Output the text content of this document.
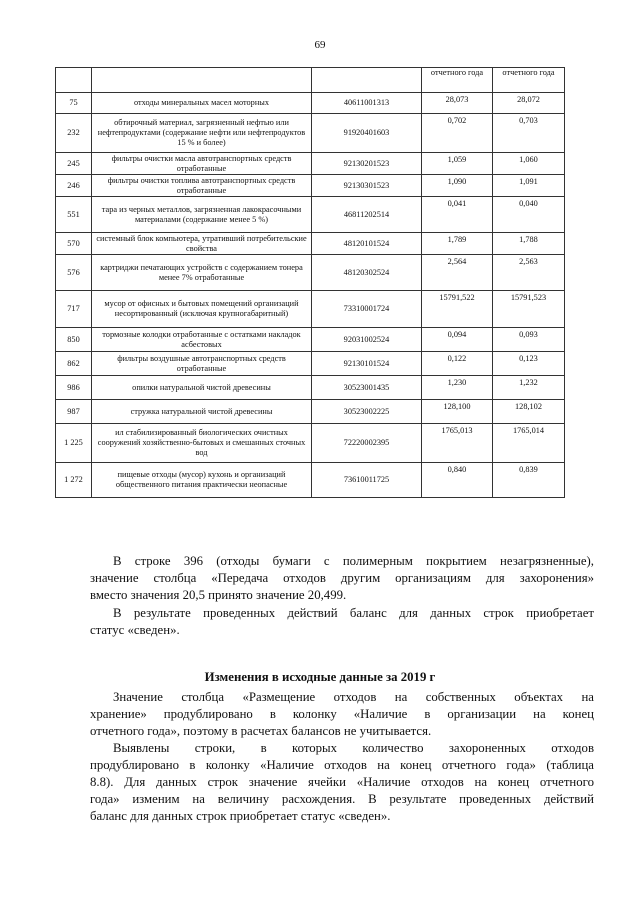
69
			отчетного года	отчетного года
75	отходы минеральных масел моторных	40611001313	28,073	28,072
232	обтирочный материал, загрязненный нефтью или нефтепродуктами (содержание нефти или нефтепродуктов 15 % и более)	91920401603	0,702	0,703
245	фильтры очистки масла автотранспортных средств отработанные	92130201523	1,059	1,060
246	фильтры очистки топлива автотранспортных средств отработанные	92130301523	1,090	1,091
551	тара из черных металлов, загрязненная лакокрасочными материалами (содержание менее 5 %)	46811202514	0,041	0,040
570	системный блок компьютера, утративший потребительские свойства	48120101524	1,789	1,788
576	картриджи печатающих устройств с содержанием тонера менее 7% отработанные	48120302524	2,564	2,563
717	мусор от офисных и бытовых помещений организаций несортированный (исключая крупногабаритный)	73310001724	15791,522	15791,523
850	тормозные колодки отработанные с остатками накладок асбестовых	92031002524	0,094	0,093
862	фильтры воздушные автотранспортных средств отработанные	92130101524	0,122	0,123
986	опилки натуральной чистой древесины	30523001435	1,230	1,232
987	стружка натуральной чистой древесины	30523002225	128,100	128,102
1 225	ил стабилизированный биологических очистных сооружений хозяйственно-бытовых и смешанных сточных вод	72220002395	1765,013	1765,014
1 272	пищевые отходы (мусор) кухонь и организаций общественного питания практически неопасные	73610011725	0,840	0,839
В строке 396 (отходы бумаги с полимерным покрытием незагрязненные),
значение столбца «Передача отходов другим организациям для захоронения»
вместо значения 20,5 принято значение 20,499.
В результате проведенных действий баланс для данных строк приобретает
статус «сведен».
Изменения в исходные данные за 2019 г
Значение столбца «Размещение отходов на собственных объектах на
хранение» продублировано в колонку «Наличие в организации на конец
отчетного года», поэтому в расчетах балансов не учитывается.
Выявлены строки, в которых количество захороненных отходов
продублировано в колонку «Наличие отходов на конец отчетного года» (таблица
8.8). Для данных строк значение ячейки «Наличие отходов на конец отчетного
года» изменим на величину расхождения. В результате проведенных действий
баланс для данных строк приобретает статус «сведен».
